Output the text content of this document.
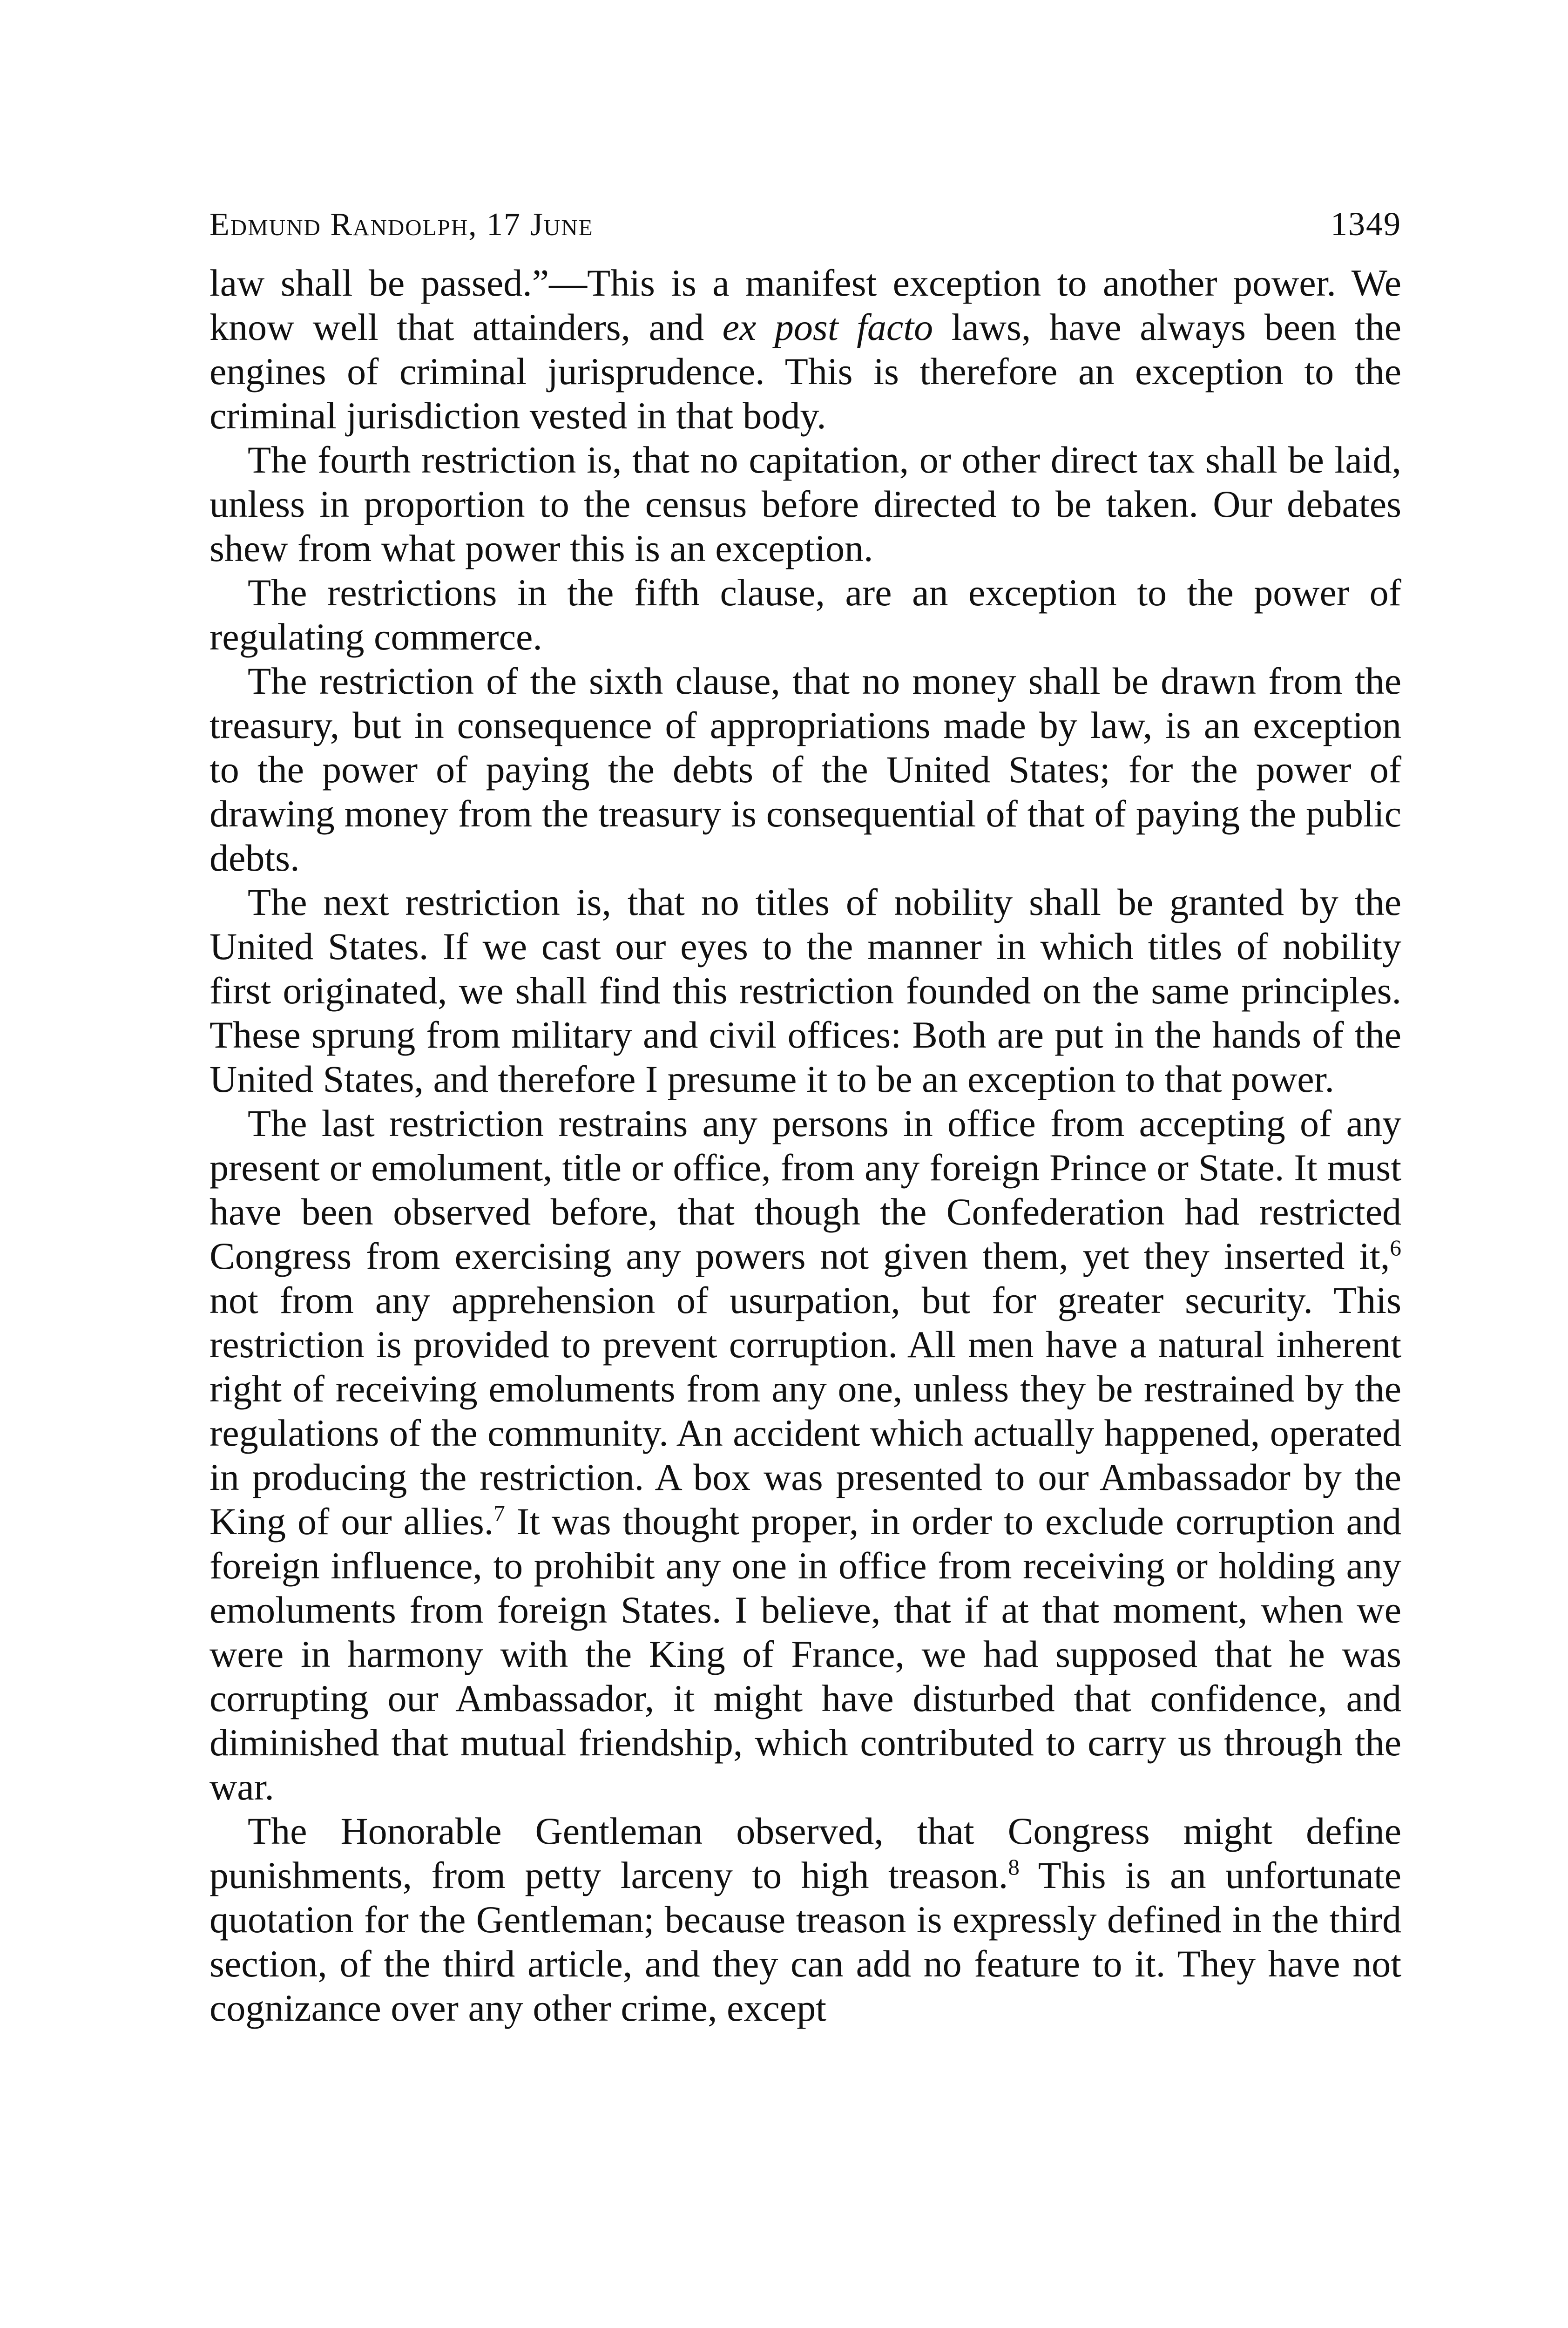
Edmund Randolph, 17 June	1349

law shall be passed.”—This is a manifest exception to another power. We know well that attainders, and ex post facto laws, have always been the engines of criminal jurisprudence. This is therefore an exception to the criminal jurisdiction vested in that body.

The fourth restriction is, that no capitation, or other direct tax shall be laid, unless in proportion to the census before directed to be taken. Our debates shew from what power this is an exception.

The restrictions in the fifth clause, are an exception to the power of regulating commerce.

The restriction of the sixth clause, that no money shall be drawn from the treasury, but in consequence of appropriations made by law, is an exception to the power of paying the debts of the United States; for the power of drawing money from the treasury is consequential of that of paying the public debts.

The next restriction is, that no titles of nobility shall be granted by the United States. If we cast our eyes to the manner in which titles of nobility first originated, we shall find this restriction founded on the same principles. These sprung from military and civil offices: Both are put in the hands of the United States, and therefore I presume it to be an exception to that power.

The last restriction restrains any persons in office from accepting of any present or emolument, title or office, from any foreign Prince or State. It must have been observed before, that though the Confederation had restricted Congress from exercising any powers not given them, yet they inserted it,$^6$ not from any apprehension of usurpation, but for greater security. This restriction is provided to prevent corruption. All men have a natural inherent right of receiving emoluments from any one, unless they be restrained by the regulations of the community. An accident which actually happened, operated in producing the restriction. A box was presented to our Ambassador by the King of our allies.$^7$ It was thought proper, in order to exclude corruption and foreign influence, to prohibit any one in office from receiving or holding any emoluments from foreign States. I believe, that if at that moment, when we were in harmony with the King of France, we had supposed that he was corrupting our Ambassador, it might have disturbed that confidence, and diminished that mutual friendship, which contributed to carry us through the war.

The Honorable Gentleman observed, that Congress might define punishments, from petty larceny to high treason.$^8$ This is an unfortunate quotation for the Gentleman; because treason is expressly defined in the third section, of the third article, and they can add no feature to it. They have not cognizance over any other crime, except
